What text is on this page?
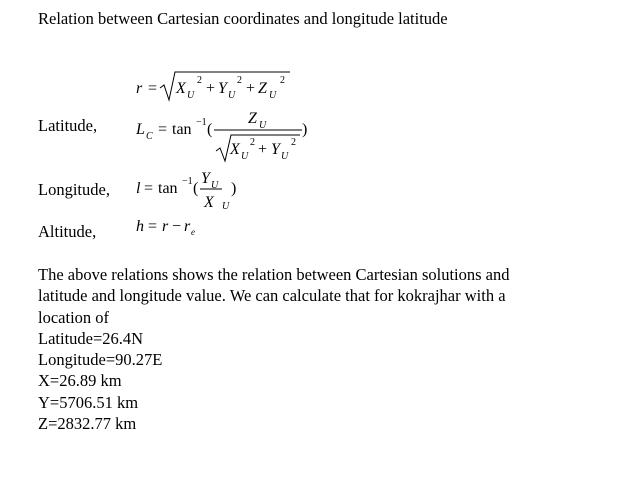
Relation between Cartesian coordinates and longitude latitude
r = X U
2 + Y U
2 + Z U
2
Latitude, L C = tan −1 (
Z U
X U
2 + Y U
2
)
Longitude, l = tan −1 (
Y U
X U
)
Altitude, h = r − r e
The above relations shows the relation between Cartesian solutions and
latitude and longitude value. We can calculate that for kokrajhar with a
location of
Latitude=26.4N
Longitude=90.27E
X=26.89 km
Y=5706.51 km
Z=2832.77 km
